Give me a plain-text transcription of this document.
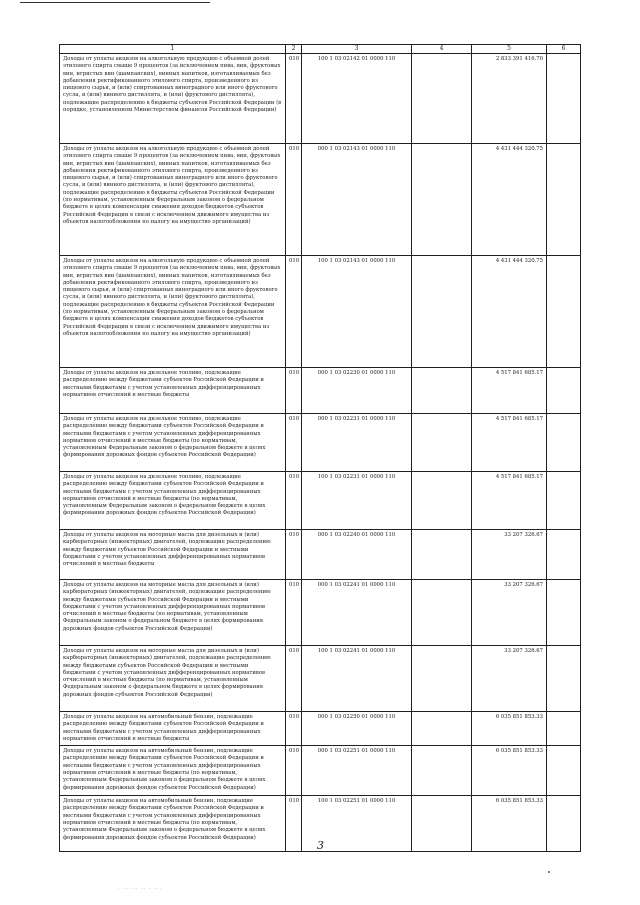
1	2	3	4	5	6
Доходы от уплаты акцизов на алкогольную продукцию с объемной долей этилового спирта свыше 9 процентов (за исключением пива, вин, фруктовых вин, игристых вин (шампанских), винных напитков, изготавливаемых без добавления ректификованного этилового спирта, произведенного из пищевого сырья, и (или) спиртованных виноградного или иного фруктового сусла, и (или) винного дистиллята, и (или) фруктового дистиллята), подлежащие распределению в бюджеты субъектов Российской Федерации (в порядке, установленном Министерством финансов Российской Федерации)	010	100 1 03 02142 01 0000 110		2 833 391 416.70	
Доходы от уплаты акцизов на алкогольную продукцию с объемной долей этилового спирта свыше 9 процентов (за исключением пива, вин, фруктовых вин, игристых вин (шампанских), винных напитков, изготавливаемых без добавления ректификованного этилового спирта, произведенного из пищевого сырья, и (или) спиртованных виноградного или иного фруктового сусла, и (или) винного дистиллята, и (или) фруктового дистиллята), подлежащие распределению в бюджеты субъектов Российской Федерации (по нормативам, установленным Федеральным законом о федеральном бюджете в целях компенсации снижения доходов бюджетов субъектов Российской Федерации в связи с исключением движимого имущества из объектов налогообложения по налогу на имущество организаций)	010	000 1 03 02143 01 0000 110		4 431 444 320.75	
Доходы от уплаты акцизов на алкогольную продукцию с объемной долей этилового спирта свыше 9 процентов (за исключением пива, вин, фруктовых вин, игристых вин (шампанских), винных напитков, изготавливаемых без добавления ректификованного этилового спирта, произведенного из пищевого сырья, и (или) спиртованных виноградного или иного фруктового сусла, и (или) винного дистиллята, и (или) фруктового дистиллята), подлежащие распределению в бюджеты субъектов Российской Федерации (по нормативам, установленным Федеральным законом о федеральном бюджете в целях компенсации снижения доходов бюджетов субъектов Российской Федерации в связи с исключением движимого имущества из объектов налогообложения по налогу на имущество организаций)	010	100 1 03 02143 01 0000 110		4 431 444 320.75	
Доходы от уплаты акцизов на дизельное топливо, подлежащие распределению между бюджетами субъектов Российской Федерации и местными бюджетами с учетом установленных дифференцированных нормативов отчислений в местные бюджеты	010	000 1 03 02230 01 0000 110		4 517 841 685.17	
Доходы от уплаты акцизов на дизельное топливо, подлежащие распределению между бюджетами субъектов Российской Федерации и местными бюджетами с учетом установленных дифференцированных нормативов отчислений в местные бюджеты (по нормативам, установленным Федеральным законом о федеральном бюджете в целях формирования дорожных фондов субъектов Российской Федерации)	010	000 1 03 02231 01 0000 110		4 517 841 685.17	
Доходы от уплаты акцизов на дизельное топливо, подлежащие распределению между бюджетами субъектов Российской Федерации и местными бюджетами с учетом установленных дифференцированных нормативов отчислений в местные бюджеты (по нормативам, установленным Федеральным законом о федеральном бюджете в целях формирования дорожных фондов субъектов Российской Федерации)	010	100 1 03 02231 01 0000 110		4 517 841 685.17	
Доходы от уплаты акцизов на моторные масла для дизельных и (или) карбюраторных (инжекторных) двигателей, подлежащие распределению между бюджетами субъектов Российской Федерации и местными бюджетами с учетом установленных дифференцированных нормативов отчислений в местные бюджеты	010	000 1 03 02240 01 0000 110		33 207 326.67	
Доходы от уплаты акцизов на моторные масла для дизельных и (или) карбюраторных (инжекторных) двигателей, подлежащие распределению между бюджетами субъектов Российской Федерации и местными бюджетами с учетом установленных дифференцированных нормативов отчислений в местные бюджеты (по нормативам, установленным Федеральным законом о федеральном бюджете в целях формирования дорожных фондов субъектов Российской Федерации)	010	000 1 03 02241 01 0000 110		33 207 326.67	
Доходы от уплаты акцизов на моторные масла для дизельных и (или) карбюраторных (инжекторных) двигателей, подлежащие распределению между бюджетами субъектов Российской Федерации и местными бюджетами с учетом установленных дифференцированных нормативов отчислений в местные бюджеты (по нормативам, установленным Федеральным законом о федеральном бюджете в целях формирования дорожных фондов субъектов Российской Федерации)	010	100 1 03 02241 01 0000 110		33 207 326.67	
Доходы от уплаты акцизов на автомобильный бензин, подлежащие распределению между бюджетами субъектов Российской Федерации и местными бюджетами с учетом установленных дифференцированных нормативов отчислений в местные бюджеты	010	000 1 03 02250 01 0000 110		6 035 851 853.33	
Доходы от уплаты акцизов на автомобильный бензин, подлежащие распределению между бюджетами субъектов Российской Федерации и местными бюджетами с учетом установленных дифференцированных нормативов отчислений в местные бюджеты (по нормативам, установленным Федеральным законом о федеральном бюджете в целях формирования дорожных фондов субъектов Российской Федерации)	010	000 1 03 02251 01 0000 110		6 035 851 853.33	
Доходы от уплаты акцизов на автомобильный бензин, подлежащие распределению между бюджетами субъектов Российской Федерации и местными бюджетами с учетом установленных дифференцированных нормативов отчислений в местные бюджеты (по нормативам, установленным Федеральным законом о федеральном бюджете в целях формирования дорожных фондов субъектов Российской Федерации)	010	100 1 03 02251 01 0000 110		6 035 851 853.33	
3
· ·· ··· ·· · ···
